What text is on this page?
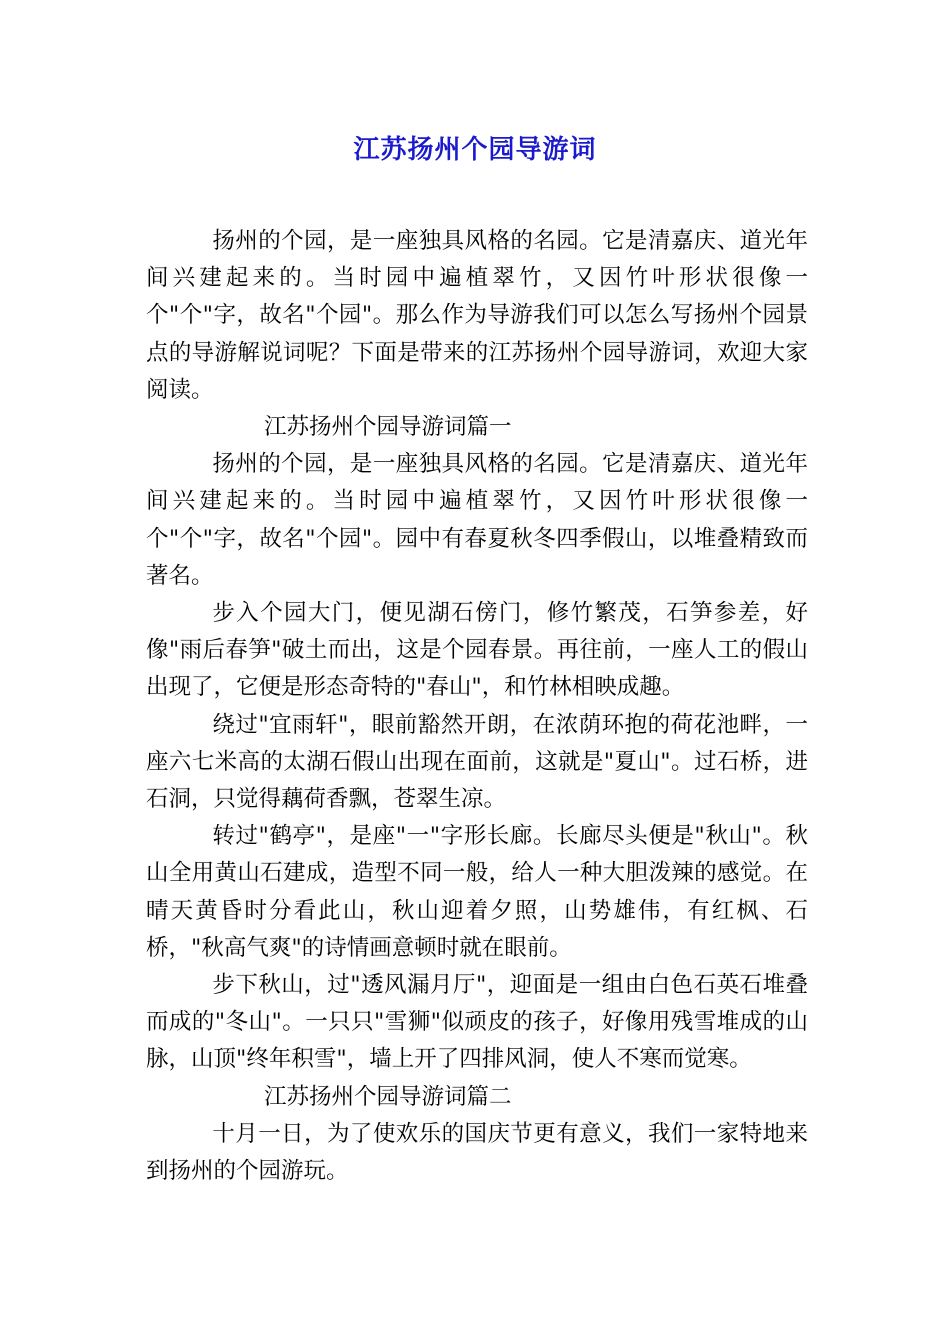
江苏扬州个园导游词

扬州的个园，是一座独具风格的名园。它是清嘉庆、道光年间兴建起来的。当时园中遍植翠竹，又因竹叶形状很像一个"个"字，故名"个园"。那么作为导游我们可以怎么写扬州个园景点的导游解说词呢？下面是带来的江苏扬州个园导游词，欢迎大家阅读。

江苏扬州个园导游词篇一

扬州的个园，是一座独具风格的名园。它是清嘉庆、道光年间兴建起来的。当时园中遍植翠竹，又因竹叶形状很像一个"个"字，故名"个园"。园中有春夏秋冬四季假山，以堆叠精致而著名。

步入个园大门，便见湖石傍门，修竹繁茂，石笋参差，好像"雨后春笋"破土而出，这是个园春景。再往前，一座人工的假山出现了，它便是形态奇特的"春山"，和竹林相映成趣。

绕过"宜雨轩"，眼前豁然开朗，在浓荫环抱的荷花池畔，一座六七米高的太湖石假山出现在面前，这就是"夏山"。过石桥，进石洞，只觉得藕荷香飘，苍翠生凉。

转过"鹤亭"，是座"一"字形长廊。长廊尽头便是"秋山"。秋山全用黄山石建成，造型不同一般，给人一种大胆泼辣的感觉。在晴天黄昏时分看此山，秋山迎着夕照，山势雄伟，有红枫、石桥，"秋高气爽"的诗情画意顿时就在眼前。

步下秋山，过"透风漏月厅"，迎面是一组由白色石英石堆叠而成的"冬山"。一只只"雪狮"似顽皮的孩子，好像用残雪堆成的山脉，山顶"终年积雪"，墙上开了四排风洞，使人不寒而觉寒。

江苏扬州个园导游词篇二

十月一日，为了使欢乐的国庆节更有意义，我们一家特地来到扬州的个园游玩。
